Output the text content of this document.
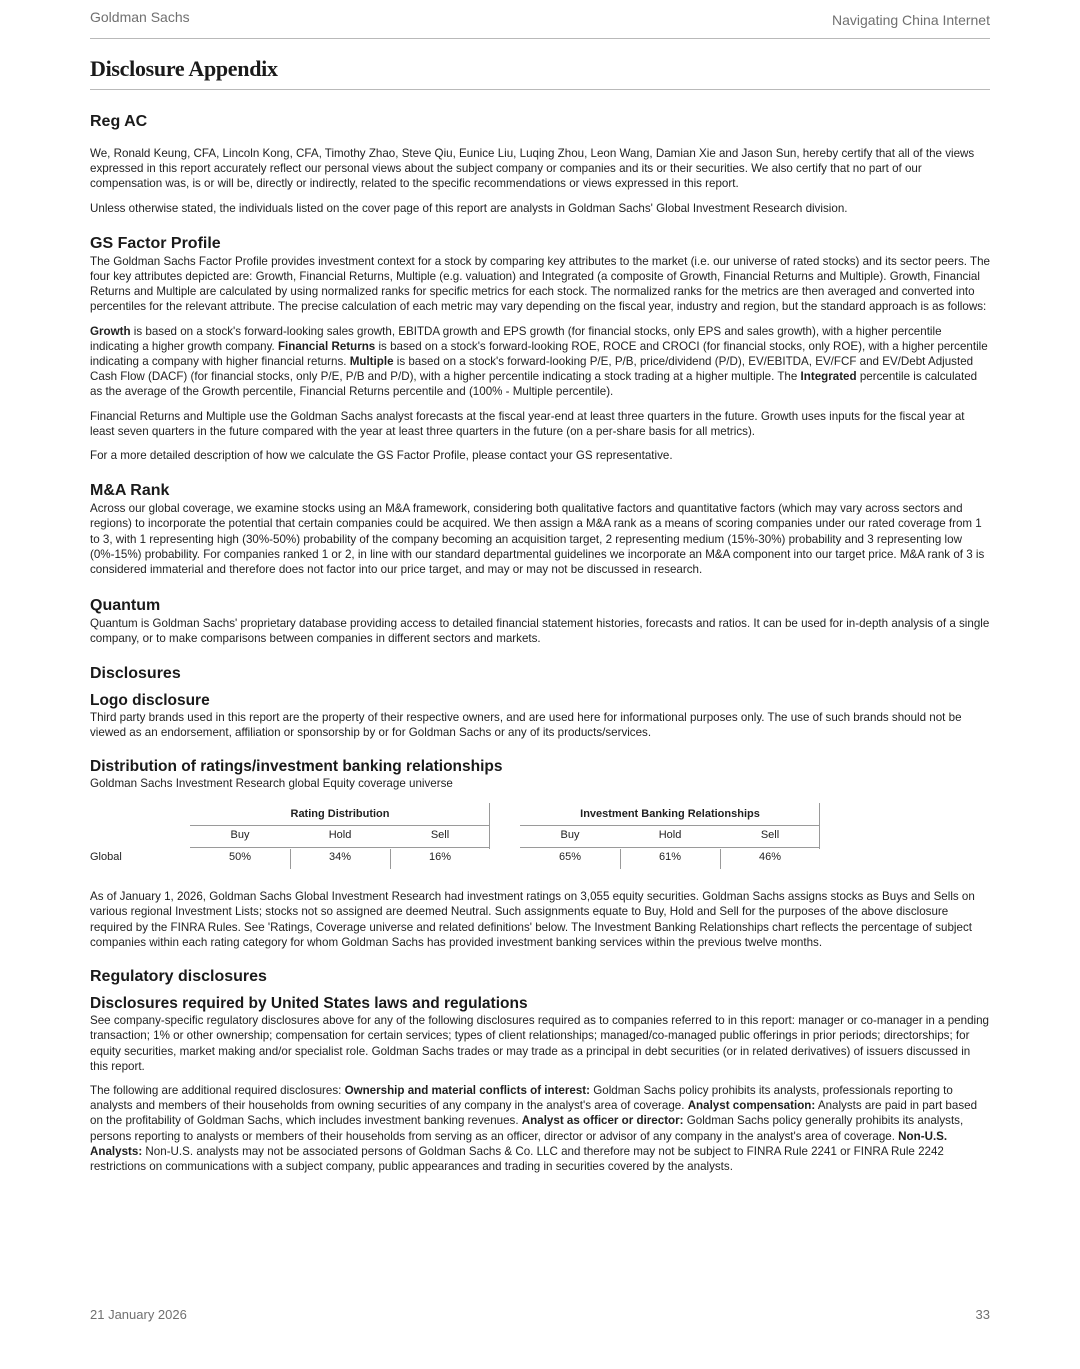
Goldman Sachs	Navigating China Internet
Disclosure Appendix
Reg AC

We, Ronald Keung, CFA, Lincoln Kong, CFA, Timothy Zhao, Steve Qiu, Eunice Liu, Luqing Zhou, Leon Wang, Damian Xie and Jason Sun, hereby certify that all of the views expressed in this report accurately reflect our personal views about the subject company or companies and its or their securities. We also certify that no part of our compensation was, is or will be, directly or indirectly, related to the specific recommendations or views expressed in this report.

Unless otherwise stated, the individuals listed on the cover page of this report are analysts in Goldman Sachs' Global Investment Research division.

GS Factor Profile

The Goldman Sachs Factor Profile provides investment context for a stock by comparing key attributes to the market (i.e. our universe of rated stocks) and its sector peers. The four key attributes depicted are: Growth, Financial Returns, Multiple (e.g. valuation) and Integrated (a composite of Growth, Financial Returns and Multiple). Growth, Financial Returns and Multiple are calculated by using normalized ranks for specific metrics for each stock. The normalized ranks for the metrics are then averaged and converted into percentiles for the relevant attribute. The precise calculation of each metric may vary depending on the fiscal year, industry and region, but the standard approach is as follows:

Growth is based on a stock's forward-looking sales growth, EBITDA growth and EPS growth (for financial stocks, only EPS and sales growth), with a higher percentile indicating a higher growth company. Financial Returns is based on a stock's forward-looking ROE, ROCE and CROCI (for financial stocks, only ROE), with a higher percentile indicating a company with higher financial returns. Multiple is based on a stock's forward-looking P/E, P/B, price/dividend (P/D), EV/EBITDA, EV/FCF and EV/Debt Adjusted Cash Flow (DACF) (for financial stocks, only P/E, P/B and P/D), with a higher percentile indicating a stock trading at a higher multiple. The Integrated percentile is calculated as the average of the Growth percentile, Financial Returns percentile and (100% - Multiple percentile).

Financial Returns and Multiple use the Goldman Sachs analyst forecasts at the fiscal year-end at least three quarters in the future. Growth uses inputs for the fiscal year at least seven quarters in the future compared with the year at least three quarters in the future (on a per-share basis for all metrics).

For a more detailed description of how we calculate the GS Factor Profile, please contact your GS representative.

M&A Rank

Across our global coverage, we examine stocks using an M&A framework, considering both qualitative factors and quantitative factors (which may vary across sectors and regions) to incorporate the potential that certain companies could be acquired. We then assign a M&A rank as a means of scoring companies under our rated coverage from 1 to 3, with 1 representing high (30%-50%) probability of the company becoming an acquisition target, 2 representing medium (15%-30%) probability and 3 representing low (0%-15%) probability. For companies ranked 1 or 2, in line with our standard departmental guidelines we incorporate an M&A component into our target price. M&A rank of 3 is considered immaterial and therefore does not factor into our price target, and may or may not be discussed in research.

Quantum

Quantum is Goldman Sachs' proprietary database providing access to detailed financial statement histories, forecasts and ratios. It can be used for in-depth analysis of a single company, or to make comparisons between companies in different sectors and markets.

Disclosures
Logo disclosure

Third party brands used in this report are the property of their respective owners, and are used here for informational purposes only. The use of such brands should not be viewed as an endorsement, affiliation or sponsorship by or for Goldman Sachs or any of its products/services.

Distribution of ratings/investment banking relationships

Goldman Sachs Investment Research global Equity coverage universe

Global
Rating Distribution
Buy
50%
Hold
34%
Sell
16%
Investment Banking Relationships
Buy
65%
Hold
61%
Sell
46%

As of January 1, 2026, Goldman Sachs Global Investment Research had investment ratings on 3,055 equity securities. Goldman Sachs assigns stocks as Buys and Sells on various regional Investment Lists; stocks not so assigned are deemed Neutral. Such assignments equate to Buy, Hold and Sell for the purposes of the above disclosure required by the FINRA Rules. See 'Ratings, Coverage universe and related definitions' below. The Investment Banking Relationships chart reflects the percentage of subject companies within each rating category for whom Goldman Sachs has provided investment banking services within the previous twelve months.

Regulatory disclosures
Disclosures required by United States laws and regulations

See company-specific regulatory disclosures above for any of the following disclosures required as to companies referred to in this report: manager or co-manager in a pending transaction; 1% or other ownership; compensation for certain services; types of client relationships; managed/co-managed public offerings in prior periods; directorships; for equity securities, market making and/or specialist role. Goldman Sachs trades or may trade as a principal in debt securities (or in related derivatives) of issuers discussed in this report.

The following are additional required disclosures: Ownership and material conflicts of interest: Goldman Sachs policy prohibits its analysts, professionals reporting to analysts and members of their households from owning securities of any company in the analyst's area of coverage. Analyst compensation: Analysts are paid in part based on the profitability of Goldman Sachs, which includes investment banking revenues. Analyst as officer or director: Goldman Sachs policy generally prohibits its analysts, persons reporting to analysts or members of their households from serving as an officer, director or advisor of any company in the analyst's area of coverage. Non-U.S. Analysts: Non-U.S. analysts may not be associated persons of Goldman Sachs & Co. LLC and therefore may not be subject to FINRA Rule 2241 or FINRA Rule 2242 restrictions on communications with a subject company, public appearances and trading in securities covered by the analysts.

21 January 2026	33
